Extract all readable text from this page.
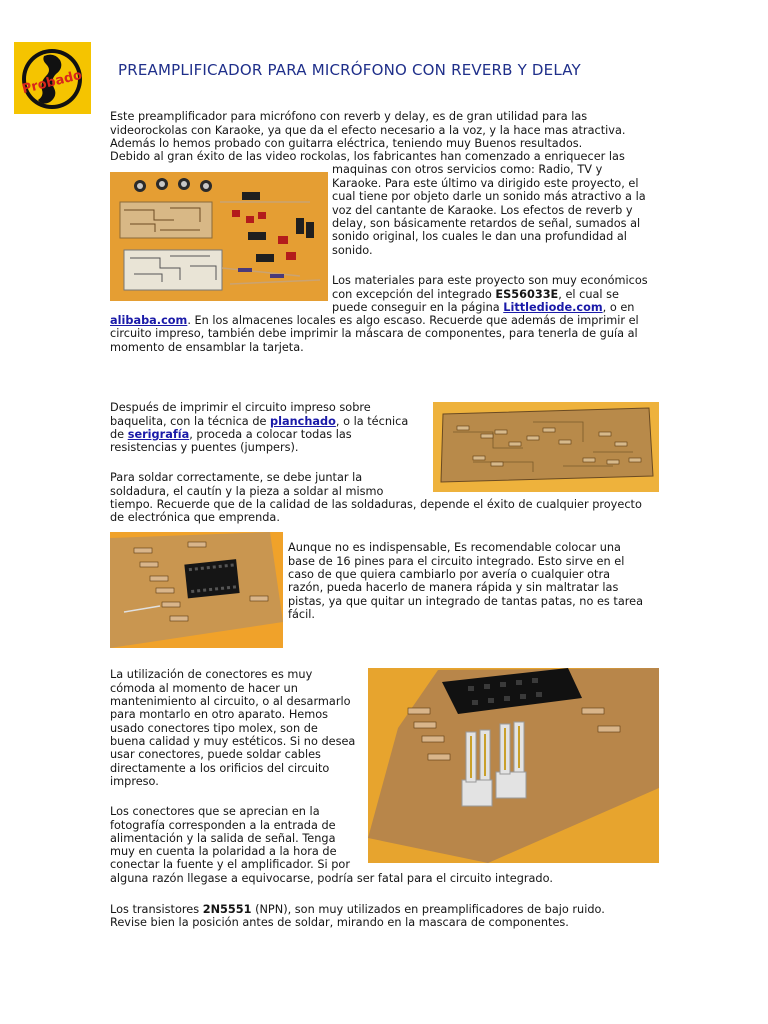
Probado PREAMPLIFICADOR PARA MICRÓFONO CON REVERB Y DELAY
Este preamplificador para micrófono con reverb y delay, es de gran utilidad para las
videorockolas con Karaoke, ya que da el efecto necesario a la voz, y la hace mas atractiva.
Además lo hemos probado con guitarra eléctrica, teniendo muy Buenos resultados.
Debido al gran éxito de las video rockolas, los fabricantes han comenzado a enriquecer las
maquinas con otros servicios como: Radio, TV y
Karaoke. Para este último va dirigido este proyecto, el
cual tiene por objeto darle un sonido más atractivo a la
voz del cantante de Karaoke. Los efectos de reverb y
delay, son básicamente retardos de señal, sumados al
sonido original, los cuales le dan una profundidad al
sonido.
Los materiales para este proyecto son muy económicos
con excepción del integrado ES56033E, el cual se
puede conseguir en la página Littlediode.com, o en
alibaba.com. En los almacenes locales es algo escaso. Recuerde que además de imprimir el
circuito impreso, también debe imprimir la máscara de componentes, para tenerla de guía al
momento de ensamblar la tarjeta.
Después de imprimir el circuito impreso sobre
baquelita, con la técnica de planchado, o la técnica
de serigrafía, proceda a colocar todas las
resistencias y puentes (jumpers).
Para soldar correctamente, se debe juntar la
soldadura, el cautín y la pieza a soldar al mismo
tiempo. Recuerde que de la calidad de las soldaduras, depende el éxito de cualquier proyecto
de electrónica que emprenda.
Aunque no es indispensable, Es recomendable colocar una
base de 16 pines para el circuito integrado. Esto sirve en el
caso de que quiera cambiarlo por avería o cualquier otra
razón, pueda hacerlo de manera rápida y sin maltratar las
pistas, ya que quitar un integrado de tantas patas, no es tarea
fácil.
La utilización de conectores es muy
cómoda al momento de hacer un
mantenimiento al circuito, o al desarmarlo
para montarlo en otro aparato. Hemos
usado conectores tipo molex, son de
buena calidad y muy estéticos. Si no desea
usar conectores, puede soldar cables
directamente a los orificios del circuito
impreso.
Los conectores que se aprecian en la
fotografía corresponden a la entrada de
alimentación y la salida de señal. Tenga
muy en cuenta la polaridad a la hora de
conectar la fuente y el amplificador. Si por
alguna razón llegase a equivocarse, podría ser fatal para el circuito integrado.
Los transistores 2N5551 (NPN), son muy utilizados en preamplificadores de bajo ruido.
Revise bien la posición antes de soldar, mirando en la mascara de componentes.
